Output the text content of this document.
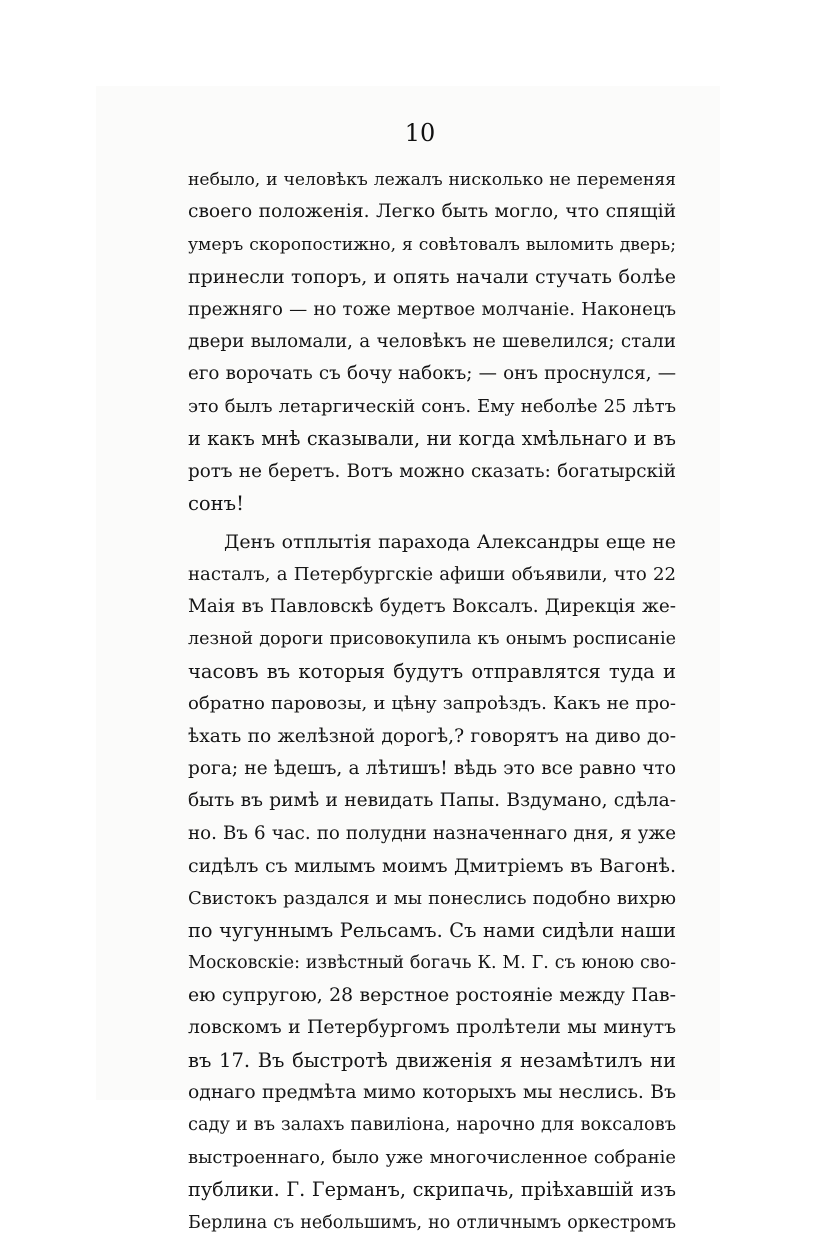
10
небыло, и человѣкъ лежалъ нисколько не переменяя
своего положенія. Легко быть могло, что спящій
умеръ скоропостижно, я совѣтовалъ выломить дверь;
принесли топоръ, и опять начали стучать болѣе
прежняго — но тоже мертвое молчаніе. Наконецъ
двери выломали, а человѣкъ не шевелился; стали
его ворочать съ бочу набокъ; — онъ проснулся, —
это былъ летаргическій сонъ. Ему неболѣе 25 лѣтъ
и какъ мнѣ сказывали, ни когда хмѣльнаго и въ
ротъ не беретъ. Вотъ можно сказать: богатырскій
сонъ!
Денъ отплытія парахода Александры еще не
насталъ, а Петербургскіе афиши объявили, что 22
Маія въ Павловскѣ будетъ Воксалъ. Дирекція же-
лезной дороги присовокупила къ онымъ росписаніе
часовъ въ которыя будутъ отправлятся туда и
обратно паровозы, и цѣну запроѣздъ. Какъ не про-
ѣхать по желѣзной дорогѣ,? говорятъ на диво до-
рога; не ѣдешъ, а лѣтишъ! вѣдь это все равно что
быть въ римѣ и невидать Папы. Вздумано, сдѣла-
но. Въ 6 час. по полудни назначеннаго дня, я уже
сидѣлъ съ милымъ моимъ Дмитріемъ въ Вагонѣ.
Свистокъ раздался и мы понеслись подобно вихрю
по чугуннымъ Рельсамъ. Съ нами сидѣли наши
Московскіе: извѣстный богачь К. М. Г. съ юною сво-
ею супругою, 28 верстное ростояніе между Пав-
ловскомъ и Петербургомъ пролѣтели мы минутъ
въ 17. Въ быстротѣ движенія я незамѣтилъ ни
однаго предмѣта мимо которыхъ мы неслись. Въ
саду и въ залахъ павиліона, нарочно для воксаловъ
выстроеннаго, было уже многочисленное собраніе
публики. Г. Германъ, скрипачь, пріѣхавшій изъ
Берлина съ небольшимъ, но отличнымъ оркестромъ
